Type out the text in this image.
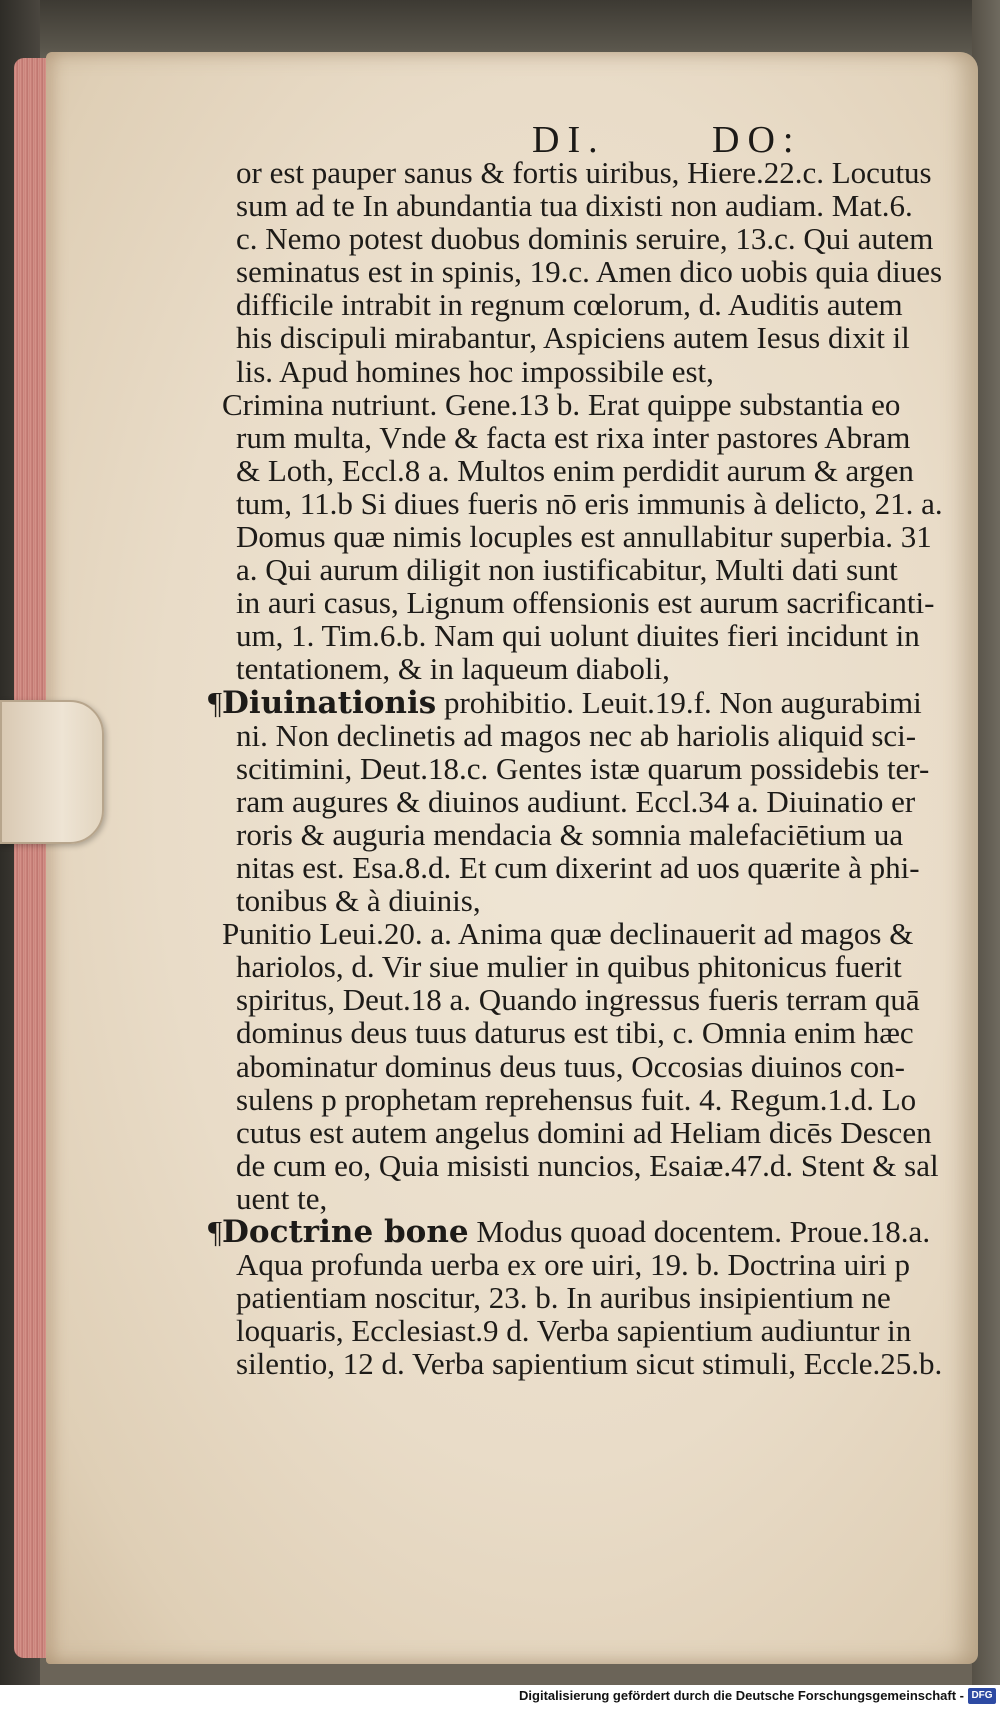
DI.	DO:
or est pauper sanus & fortis uiribus, Hiere.22.c. Locutus
sum ad te In abundantia tua dixisti non audiam. Mat.6.
c. Nemo potest duobus dominis seruire, 13.c. Qui autem
seminatus est in spinis, 19.c. Amen dico uobis quia diues
difficile intrabit in regnum cœlorum, d. Auditis autem
his discipuli mirabantur, Aspiciens autem Iesus dixit il
lis. Apud homines hoc impossibile est,
Crimina nutriunt. Gene.13 b. Erat quippe substantia eo
rum multa, Vnde & facta est rixa inter pastores Abram
& Loth, Eccl.8 a. Multos enim perdidit aurum & argen
tum, 11.b Si diues fueris nō eris immunis à delicto, 21. a.
Domus quæ nimis locuples est annullabitur superbia. 31
a. Qui aurum diligit non iustificabitur, Multi dati sunt
in auri casus, Lignum offensionis est aurum sacrificanti-
um, 1. Tim.6.b. Nam qui uolunt diuites fieri incidunt in
tentationem, & in laqueum diaboli,
¶Diuinationis prohibitio. Leuit.19.f. Non augurabimi
ni. Non declinetis ad magos nec ab hariolis aliquid sci-
scitimini, Deut.18.c. Gentes istæ quarum possidebis ter-
ram augures & diuinos audiunt. Eccl.34 a. Diuinatio er
roris & auguria mendacia & somnia malefaciētium ua
nitas est. Esa.8.d. Et cum dixerint ad uos quærite à phi-
tonibus & à diuinis,
Punitio Leui.20. a. Anima quæ declinauerit ad magos &
hariolos, d. Vir siue mulier in quibus phitonicus fuerit
spiritus, Deut.18 a. Quando ingressus fueris terram quā
dominus deus tuus daturus est tibi, c. Omnia enim hæc
abominatur dominus deus tuus, Occosias diuinos con-
sulens p prophetam reprehensus fuit. 4. Regum.1.d. Lo
cutus est autem angelus domini ad Heliam dicēs Descen
de cum eo, Quia misisti nuncios, Esaiæ.47.d. Stent & sal
uent te,
¶Doctrine bone Modus quoad docentem. Proue.18.a.
Aqua profunda uerba ex ore uiri, 19. b. Doctrina uiri p
patientiam noscitur, 23. b. In auribus insipientium ne
loquaris, Ecclesiast.9 d. Verba sapientium audiuntur in
silentio, 12 d. Verba sapientium sicut stimuli, Eccle.25.b.
Digitalisierung gefördert durch die Deutsche Forschungsgemeinschaft - DFG
